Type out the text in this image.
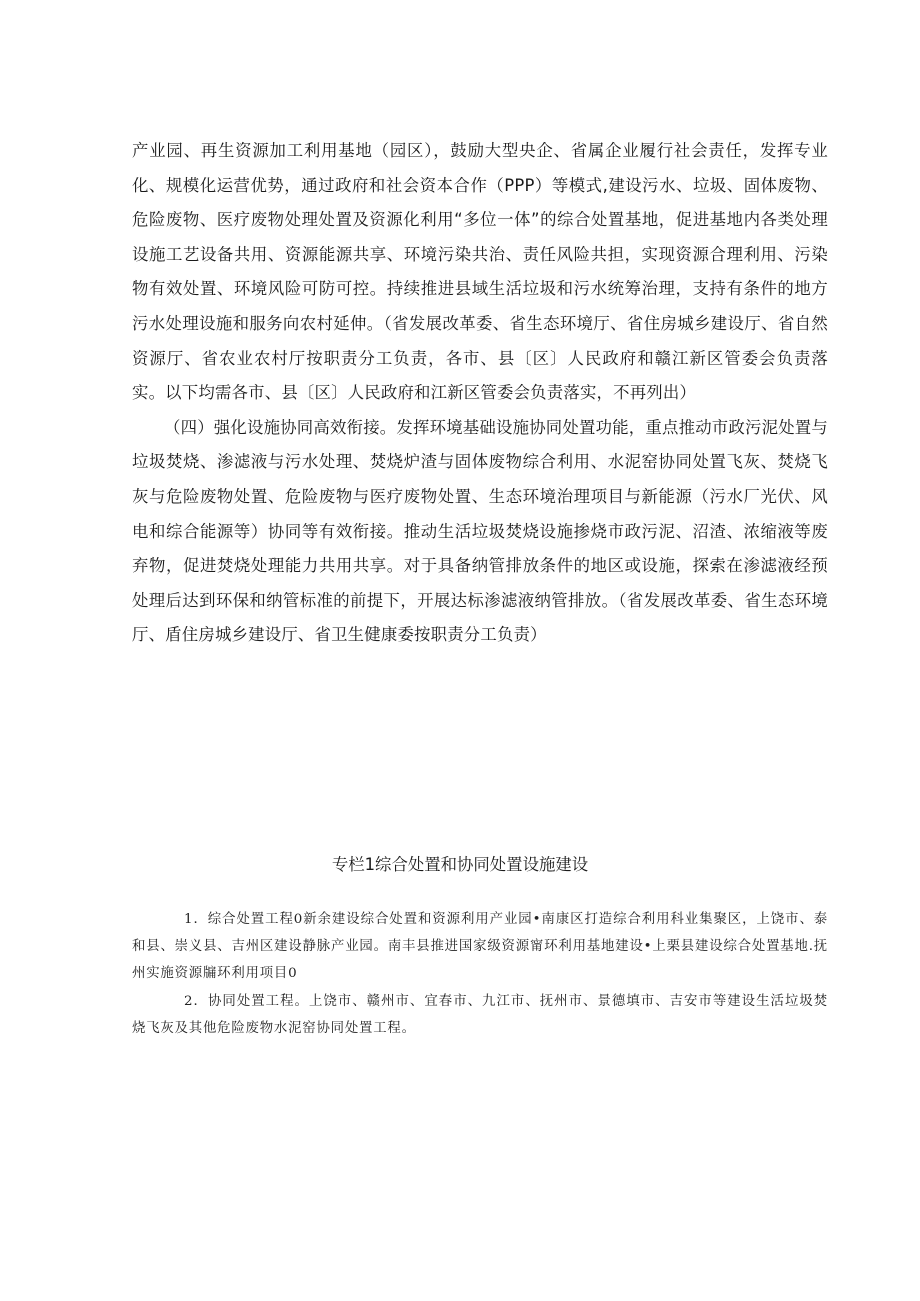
产业园、再生资源加工利用基地（园区），鼓励大型央企、省属企业履行社会责任，发挥专业化、规模化运营优势，通过政府和社会资本合作（PPP）等模式,建设污水、垃圾、固体废物、危险废物、医疗废物处理处置及资源化利用“多位一体”的综合处置基地，促进基地内各类处理设施工艺设备共用、资源能源共享、环境污染共治、责任风险共担，实现资源合理利用、污染物有效处置、环境风险可防可控。持续推进县域生活垃圾和污水统筹治理，支持有条件的地方污水处理设施和服务向农村延伸。（省发展改革委、省生态环境厅、省住房城乡建设厅、省自然资源厅、省农业农村厅按职责分工负责，各市、县〔区〕人民政府和赣江新区管委会负责落实。以下均需各市、县〔区〕人民政府和江新区管委会负责落实，不再列出）

（四）强化设施协同高效衔接。发挥环境基础设施协同处置功能，重点推动市政污泥处置与垃圾焚烧、渗滤液与污水处理、焚烧炉渣与固体废物综合利用、水泥窑协同处置飞灰、焚烧飞灰与危险废物处置、危险废物与医疗废物处置、生态环境治理项目与新能源（污水厂光伏、风电和综合能源等）协同等有效衔接。推动生活垃圾焚烧设施掺烧市政污泥、沼渣、浓缩液等废弃物，促进焚烧处理能力共用共享。对于具备纳管排放条件的地区或设施，探索在渗滤液经预处理后达到环保和纳管标准的前提下，开展达标渗滤液纳管排放。（省发展改革委、省生态环境厅、盾住房城乡建设厅、省卫生健康委按职责分工负责）

专栏1综合处置和协同处置设施建设

1．综合处置工程0新余建设综合处置和资源利用产业园•南康区打造综合利用科业集聚区，上饶市、泰和县、崇义县、吉州区建设静脉产业园。南丰县推进国家级资源甯环利用基地建设•上栗县建设综合处置基地.抚州实施资源牖环利用项目0

2．协同处置工程。上饶市、赣州市、宜春市、九江市、抚州市、景德填市、吉安市等建设生活垃圾焚烧飞灰及其他危险废物水泥窑协同处置工程。
